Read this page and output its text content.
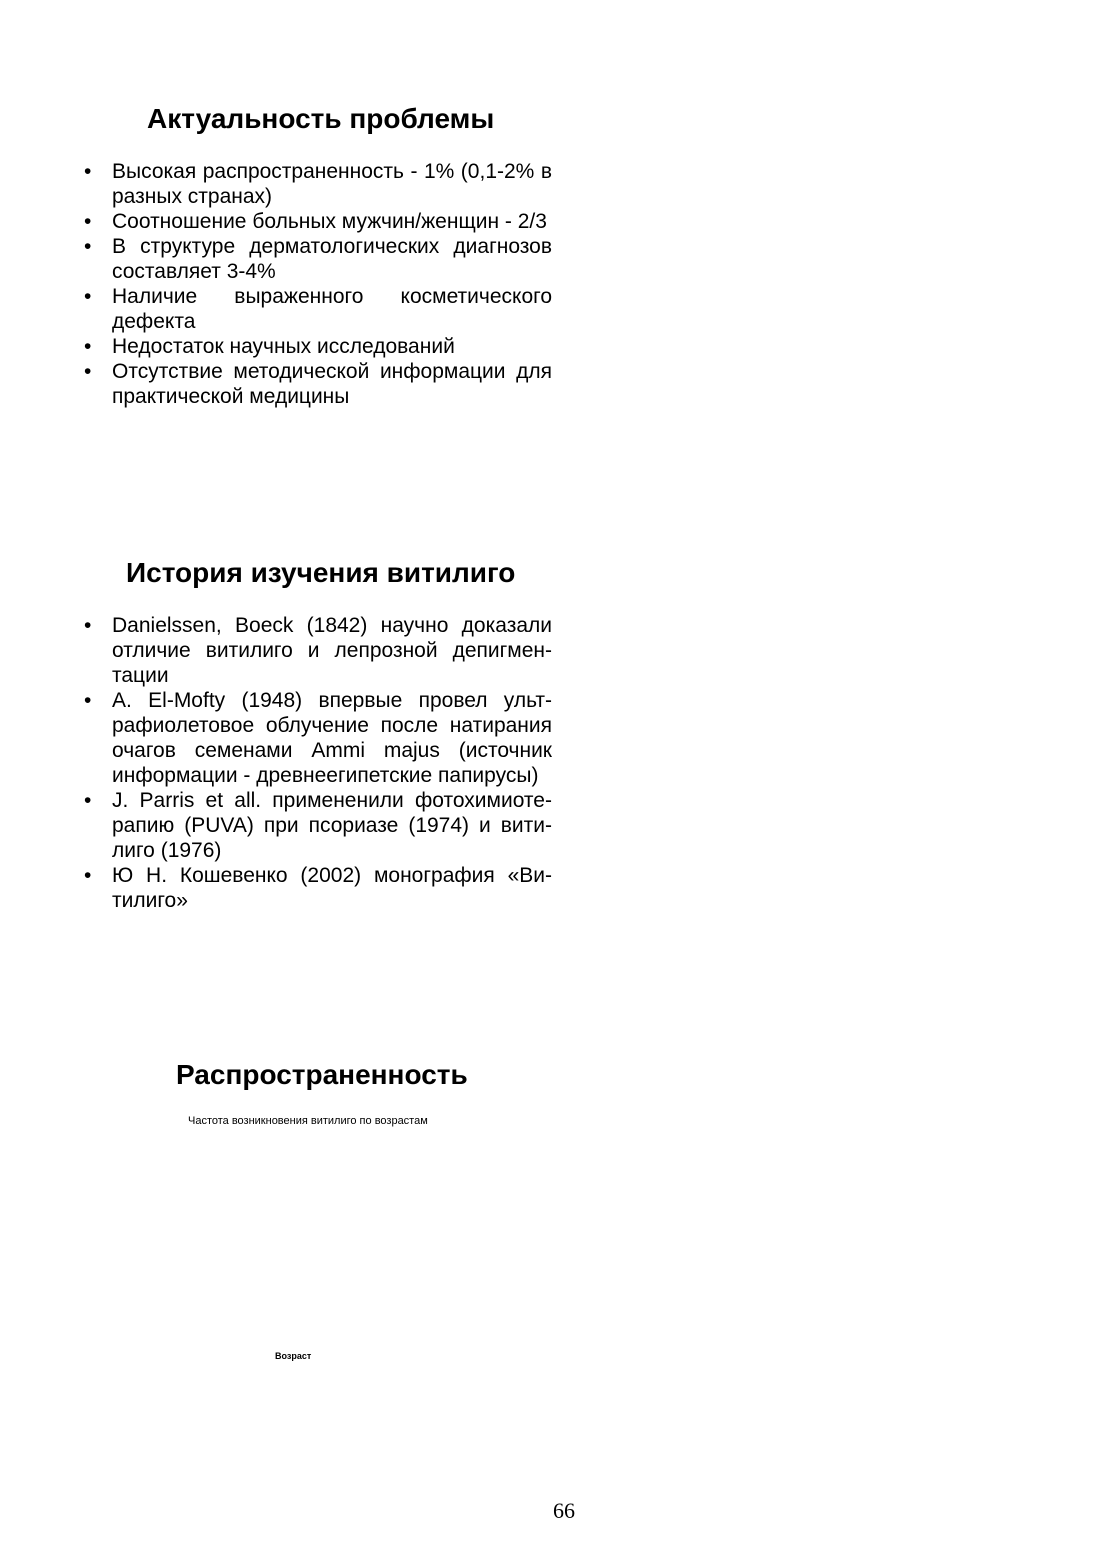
Актуальность проблемы
• Высокая распространенность - 1% (0,1-2% в разных странах)
• Соотношение больных мужчин/женщин - 2/3
• В структуре дерматологических диагнозов составляет 3-4%
• Наличие выраженного косметического дефекта
• Недостаток научных исследований
• Отсутствие методической информации для практической медицины
История изучения витилиго
• Danielssen, Boeck (1842) научно доказали отличие витилиго и лепрозной депигментации
• A. El-Mofty (1948) впервые провел ультрафиолетовое облучение после натирания очагов семенами Ammi majus (источник информации - древнеегипетские папирусы)
• J. Parris et all. примененили фотохимиотерапию (PUVA) при псориазе (1974) и витилиго (1976)
• Ю Н. Кошевенко (2002) монография «Витилиго»
Распространенность
Частота возникновения витилиго по возрастам
Возраст
66
